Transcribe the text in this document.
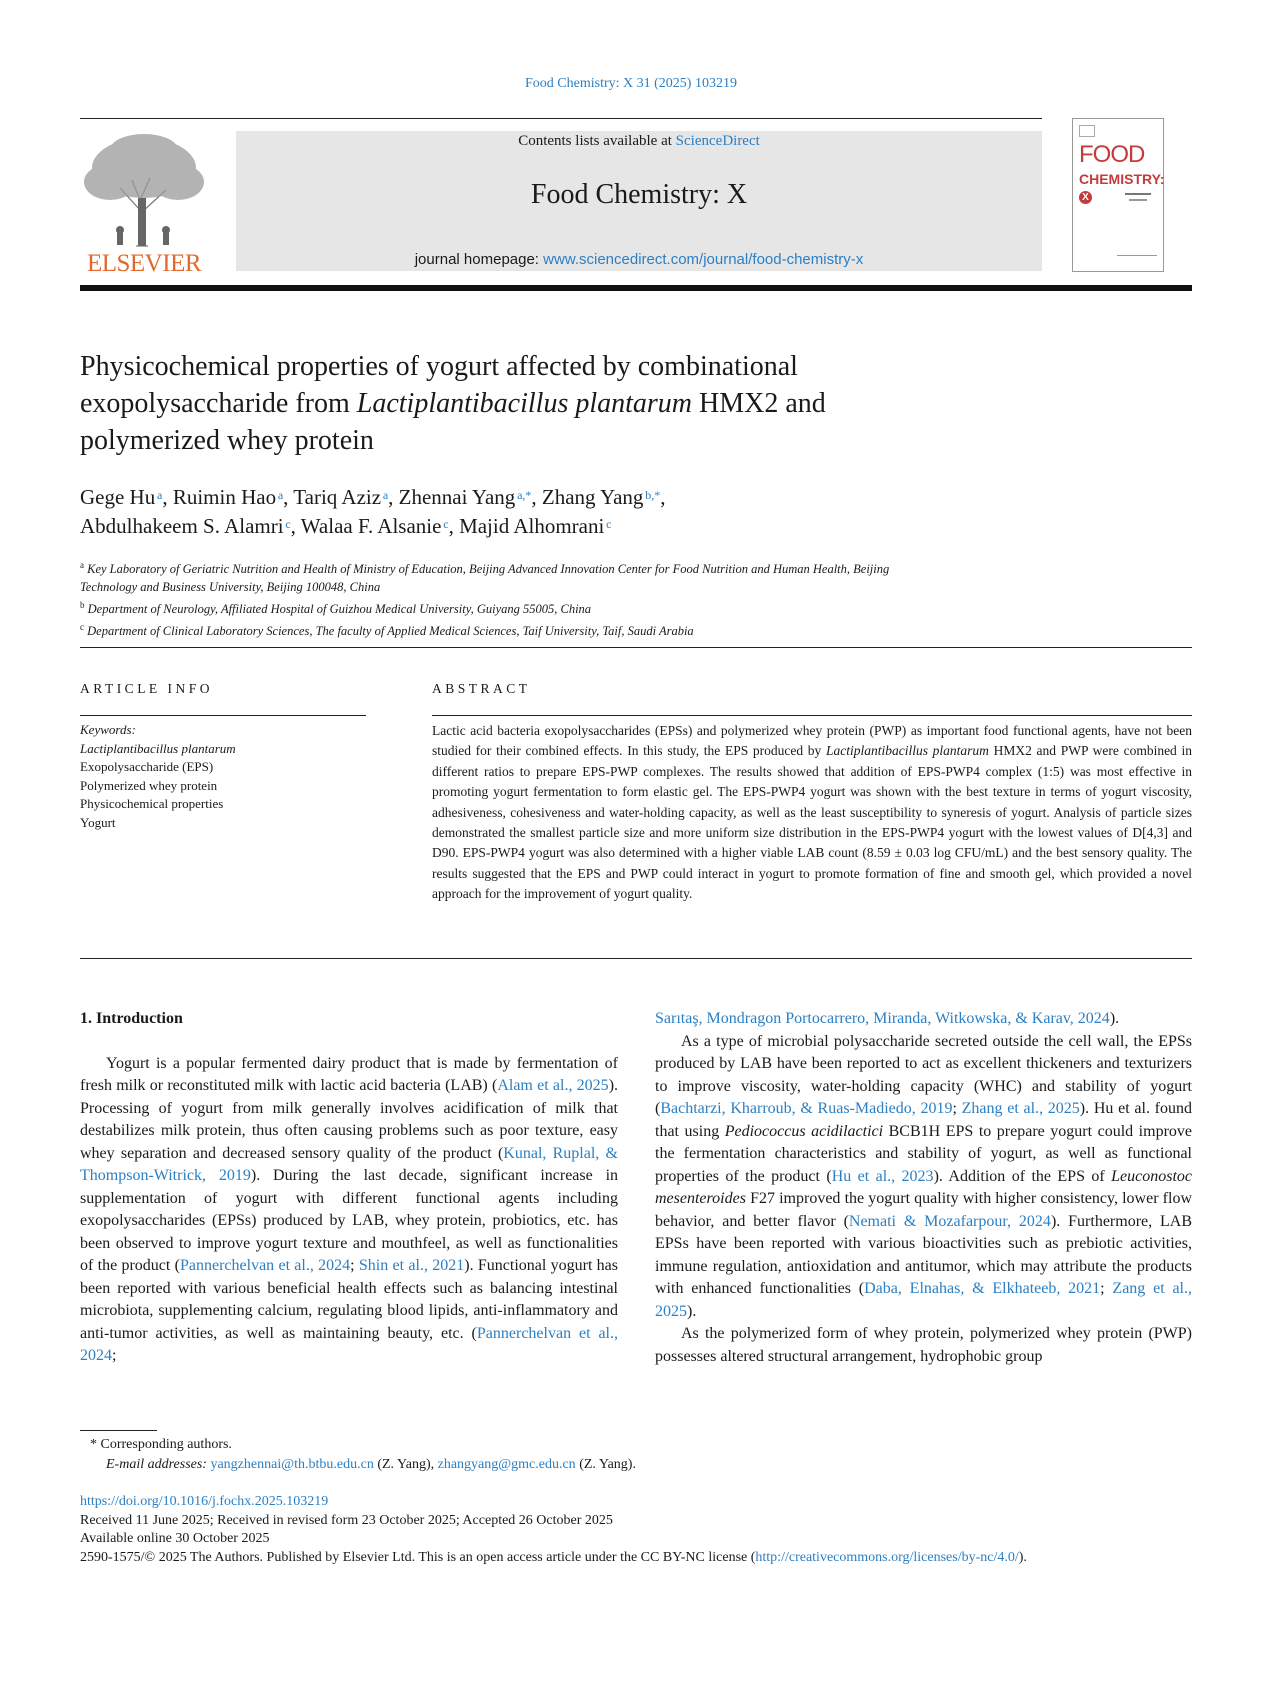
Food Chemistry: X 31 (2025) 103219
ELSEVIER
Contents lists available at ScienceDirect
Food Chemistry: X
journal homepage: www.sciencedirect.com/journal/food-chemistry-x
FOOD
CHEMISTRY: X
Physicochemical properties of yogurt affected by combinational
exopolysaccharide from Lactiplantibacillus plantarum HMX2 and
polymerized whey protein
Gege Hu  $^a$, Ruimin Hao  $^a$, Tariq Aziz  $^a$, Zhennai Yang  $^{a,*}$, Zhang Yang  $^{b,*}$,
Abdulhakeem S. Alamri  $^c$, Walaa F. Alsanie  $^c$, Majid Alhomrani  $^c$
$^a$ Key Laboratory of Geriatric Nutrition and Health of Ministry of Education, Beijing Advanced Innovation Center for Food Nutrition and Human Health, Beijing
Technology and Business University, Beijing 100048, China
$^b$ Department of Neurology, Affiliated Hospital of Guizhou Medical University, Guiyang 55005, China
$^c$ Department of Clinical Laboratory Sciences, The faculty of Applied Medical Sciences, Taif University, Taif, Saudi Arabia
ARTICLE INFO	ABSTRACT
Keywords:
Lactiplantibacillus plantarum
Exopolysaccharide (EPS)
Polymerized whey protein
Physicochemical properties
Yogurt
Lactic acid bacteria exopolysaccharides (EPSs) and polymerized whey protein (PWP) as important food functional agents, have not been studied for their combined effects. In this study, the EPS produced by Lactiplantibacillus plantarum HMX2 and PWP were combined in different ratios to prepare EPS-PWP complexes. The results showed that addition of EPS-PWP4 complex (1:5) was most effective in promoting yogurt fermentation to form elastic gel. The EPS-PWP4 yogurt was shown with the best texture in terms of yogurt viscosity, adhesiveness, cohesiveness and water-holding capacity, as well as the least susceptibility to syneresis of yogurt. Analysis of particle sizes demonstrated the smallest particle size and more uniform size distribution in the EPS-PWP4 yogurt with the lowest values of D[4,3] and D90. EPS-PWP4 yogurt was also determined with a higher viable LAB count (8.59 ± 0.03 log CFU/mL) and the best sensory quality. The results suggested that the EPS and PWP could interact in yogurt to promote formation of fine and smooth gel, which provided a novel approach for the improvement of yogurt quality.
1. Introduction

Yogurt is a popular fermented dairy product that is made by fermentation of fresh milk or reconstituted milk with lactic acid bacteria (LAB) (Alam et al., 2025). Processing of yogurt from milk generally involves acidification of milk that destabilizes milk protein, thus often causing problems such as poor texture, easy whey separation and decreased sensory quality of the product (Kunal, Ruplal, & Thompson-Witrick, 2019). During the last decade, significant increase in supplementation of yogurt with different functional agents including exopolysaccharides (EPSs) produced by LAB, whey protein, probiotics, etc. has been observed to improve yogurt texture and mouthfeel, as well as functionalities of the product (Pannerchelvan et al., 2024; Shin et al., 2021). Functional yogurt has been reported with various beneficial health effects such as balancing intestinal microbiota, supplementing calcium, regulating blood lipids, anti-inflammatory and anti-tumor activities, as well as maintaining beauty, etc. (Pannerchelvan et al., 2024;

Sarıtaş, Mondragon Portocarrero, Miranda, Witkowska, & Karav, 2024).

As a type of microbial polysaccharide secreted outside the cell wall, the EPSs produced by LAB have been reported to act as excellent thickeners and texturizers to improve viscosity, water-holding capacity (WHC) and stability of yogurt (Bachtarzi, Kharroub, & Ruas-Madiedo, 2019; Zhang et al., 2025). Hu et al. found that using Pediococcus acidilactici BCB1H EPS to prepare yogurt could improve the fermentation characteristics and stability of yogurt, as well as functional properties of the product (Hu et al., 2023). Addition of the EPS of Leuconostoc mesenteroides F27 improved the yogurt quality with higher consistency, lower flow behavior, and better flavor (Nemati & Mozafarpour, 2024). Furthermore, LAB EPSs have been reported with various bioactivities such as prebiotic activities, immune regulation, antioxidation and antitumor, which may attribute the products with enhanced functionalities (Daba, Elnahas, & Elkhateeb, 2021; Zang et al., 2025).

As the polymerized form of whey protein, polymerized whey protein (PWP) possesses altered structural arrangement, hydrophobic group

* Corresponding authors.
E-mail addresses: yangzhennai@th.btbu.edu.cn (Z. Yang), zhangyang@gmc.edu.cn (Z. Yang).
https://doi.org/10.1016/j.fochx.2025.103219
Received 11 June 2025; Received in revised form 23 October 2025; Accepted 26 October 2025
Available online 30 October 2025
2590-1575/© 2025 The Authors. Published by Elsevier Ltd. This is an open access article under the CC BY-NC license (http://creativecommons.org/licenses/by-nc/4.0/).
